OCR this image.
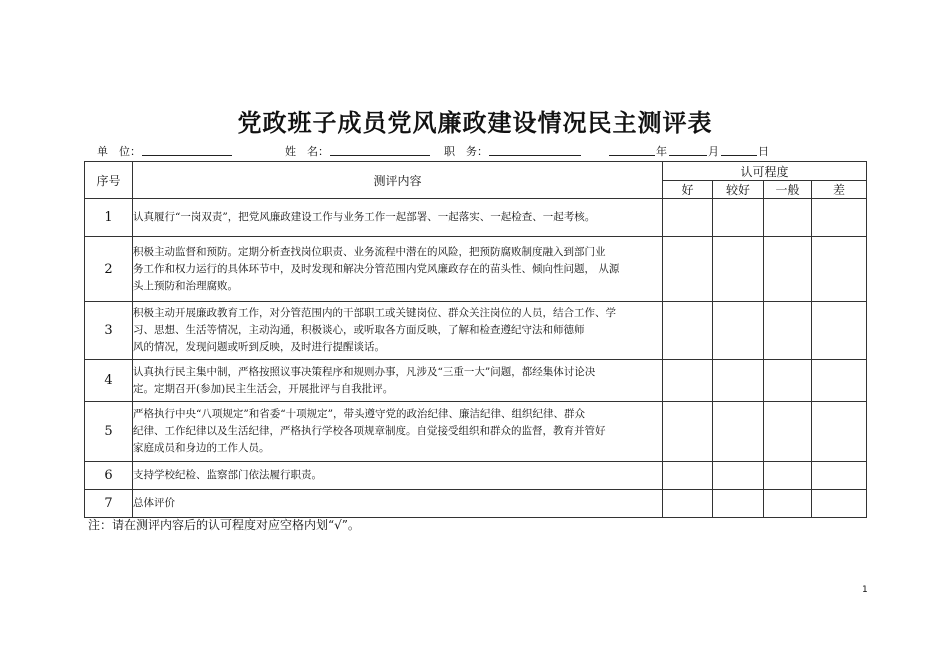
党政班子成员党风廉政建设情况民主测评表
单　位：	姓　名：	职　务：	年	月	日
序号	测评内容	认可程度			
		好	较好	一般	差
1	认真履行“一岗双责”，把党风廉政建设工作与业务工作一起部署、一起落实、一起检查、一起考核。				
2	积极主动监督和预防。定期分析查找岗位职责、业务流程中潜在的风险，把预防腐败制度融入到部门业
务工作和权力运行的具体环节中，及时发现和解决分管范围内党风廉政存在的苗头性、倾向性问题， 从源
头上预防和治理腐败。				
3	积极主动开展廉政教育工作，对分管范围内的干部职工或关键岗位、群众关注岗位的人员，结合工作、学
习、思想、生活等情况，主动沟通，积极谈心，或听取各方面反映，了解和检查遵纪守法和师德师
风的情况，发现问题或听到反映，及时进行提醒谈话。				
4	认真执行民主集中制，严格按照议事决策程序和规则办事，凡涉及“三重一大”问题，都经集体讨论决
定。定期召开(参加)民主生活会，开展批评与自我批评。				
5	严格执行中央“八项规定”和省委“十项规定”，带头遵守党的政治纪律、廉洁纪律、组织纪律、群众
纪律、工作纪律以及生活纪律，严格执行学校各项规章制度。自觉接受组织和群众的监督，教育并管好
家庭成员和身边的工作人员。				
6	支持学校纪检、监察部门依法履行职责。				
7	总体评价				
注：请在测评内容后的认可程度对应空格内划“√”。
1
